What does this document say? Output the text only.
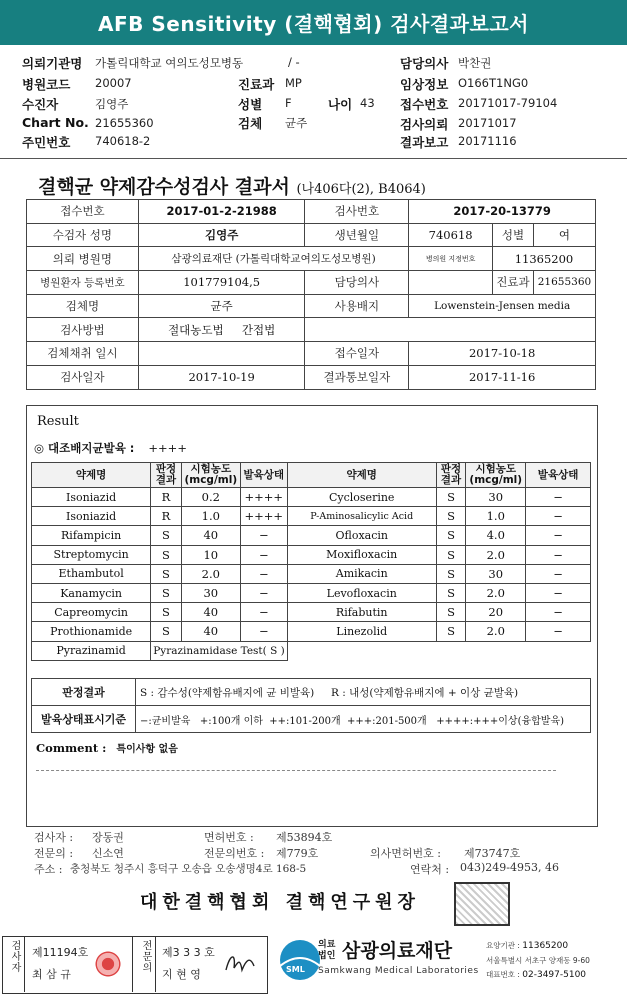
AFB Sensitivity (결핵협회) 검사결과보고서
의뢰기관명 가톨릭대학교 여의도성모병동	/ -
병원코드 20007	진료과 MP
수진자	김영주	성별 F	나이 43
Chart No. 21655360	검체 균주
주민번호 740618-2
담당의사 박찬권
임상정보 O166T1NG0
접수번호 20171017-79104
검사의뢰 20171017
결과보고 20171116
결핵균 약제감수성검사 결과서 (나406다(2), B4064)
접수번호	2017-01-2-21988	검사번호	2017-20-13779		
수검자 성명	김영주	생년월일	740618	성별	여
의뢰 병원명	삼광의료재단 (가톨릭대학교여의도성모병원)		병의원 지정번호	11365200	
병원환자 등록번호	101779104,5	담당의사		진료과	21655360
검체명	균주	사용배지	Lowenstein-Jensen media		
검사방법	절대농도법 간접법				
검체채취 일시		접수일자	2017-10-18		
검사일자	2017-10-19	결과통보일자	2017-11-16		
Result
◎ 대조배지균발육 : ++++
약제명	판정결과	시험농도(mcg/ml)	발육상태	약제명	판정결과	시험농도(mcg/ml)	발육상태
Isoniazid	R	0.2	++++	Cycloserine	S	30	−
Isoniazid	R	1.0	++++	P-Aminosalicylic Acid	S	1.0	−
Rifampicin	S	40	−	Ofloxacin	S	4.0	−
Streptomycin	S	10	−	Moxifloxacin	S	2.0	−
Ethambutol	S	2.0	−	Amikacin	S	30	−
Kanamycin	S	30	−	Levofloxacin	S	2.0	−
Capreomycin	S	40	−	Rifabutin	S	20	−
Prothionamide	S	40	−	Linezolid	S	2.0	−
Pyrazinamid	Pyrazinamidase Test( S )						
판정결과	S : 감수성(약제함유배지에 균 비발육) R : 내성(약제함유배지에 + 이상 균발육)
발육상태표시기준	−:균비발육   +:100개 이하  ++:101-200개  +++:201-500개   ++++:+++이상(융합발육)
Comment : 특이사항 없음
검사자 : 장동권	면허번호 : 제53894호
전문의 : 신소연	전문의번호 : 제779호	의사면허번호 : 제73747호
주소 : 충청북도 청주시 흥덕구 오송읍 오송생명4로 168-5	연락처 : 043)249-4953, 46
대한결핵협회 결핵연구원장
검사자 제11194호
최 삼 규
전문의 제3 3 3 호
지 현 영	SML
의료법인 삼광의료재단
Samkwang Medical Laboratories
요양기관 : 11365200
서울특별시 서초구 양재동 9-60
대표번호 : 02-3497-5100
